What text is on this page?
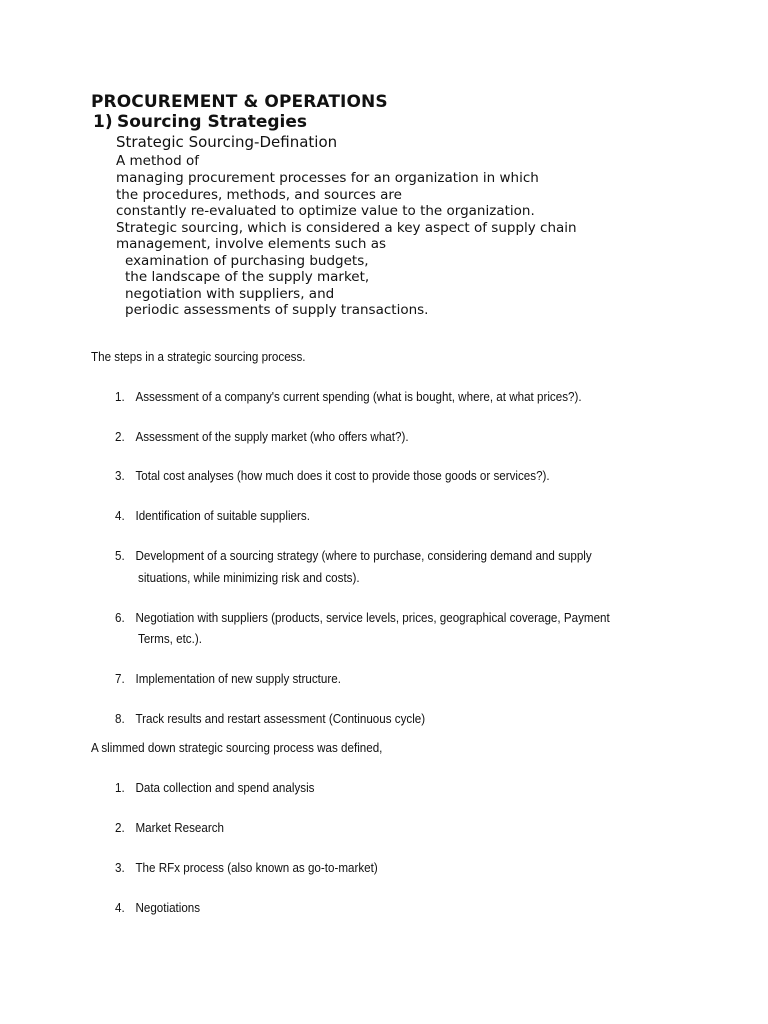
PROCUREMENT & OPERATIONS
1) Sourcing Strategies
Strategic Sourcing-Defination
A method of
managing procurement processes for an organization in which
the procedures, methods, and sources are
constantly re-evaluated to optimize value to the organization.
Strategic sourcing, which is considered a key aspect of supply chain
management, involve elements such as
examination of purchasing budgets,
the landscape of the supply market,
negotiation with suppliers, and
periodic assessments of supply transactions.
The steps in a strategic sourcing process.
1. Assessment of a company's current spending (what is bought, where, at what prices?).
2. Assessment of the supply market (who offers what?).
3. Total cost analyses (how much does it cost to provide those goods or services?).
4. Identification of suitable suppliers.
5. Development of a sourcing strategy (where to purchase, considering demand and supply
situations, while minimizing risk and costs).
6. Negotiation with suppliers (products, service levels, prices, geographical coverage, Payment
Terms, etc.).
7. Implementation of new supply structure.
8. Track results and restart assessment (Continuous cycle)
A slimmed down strategic sourcing process was defined,
1. Data collection and spend analysis
2. Market Research
3. The RFx process (also known as go-to-market)
4. Negotiations
